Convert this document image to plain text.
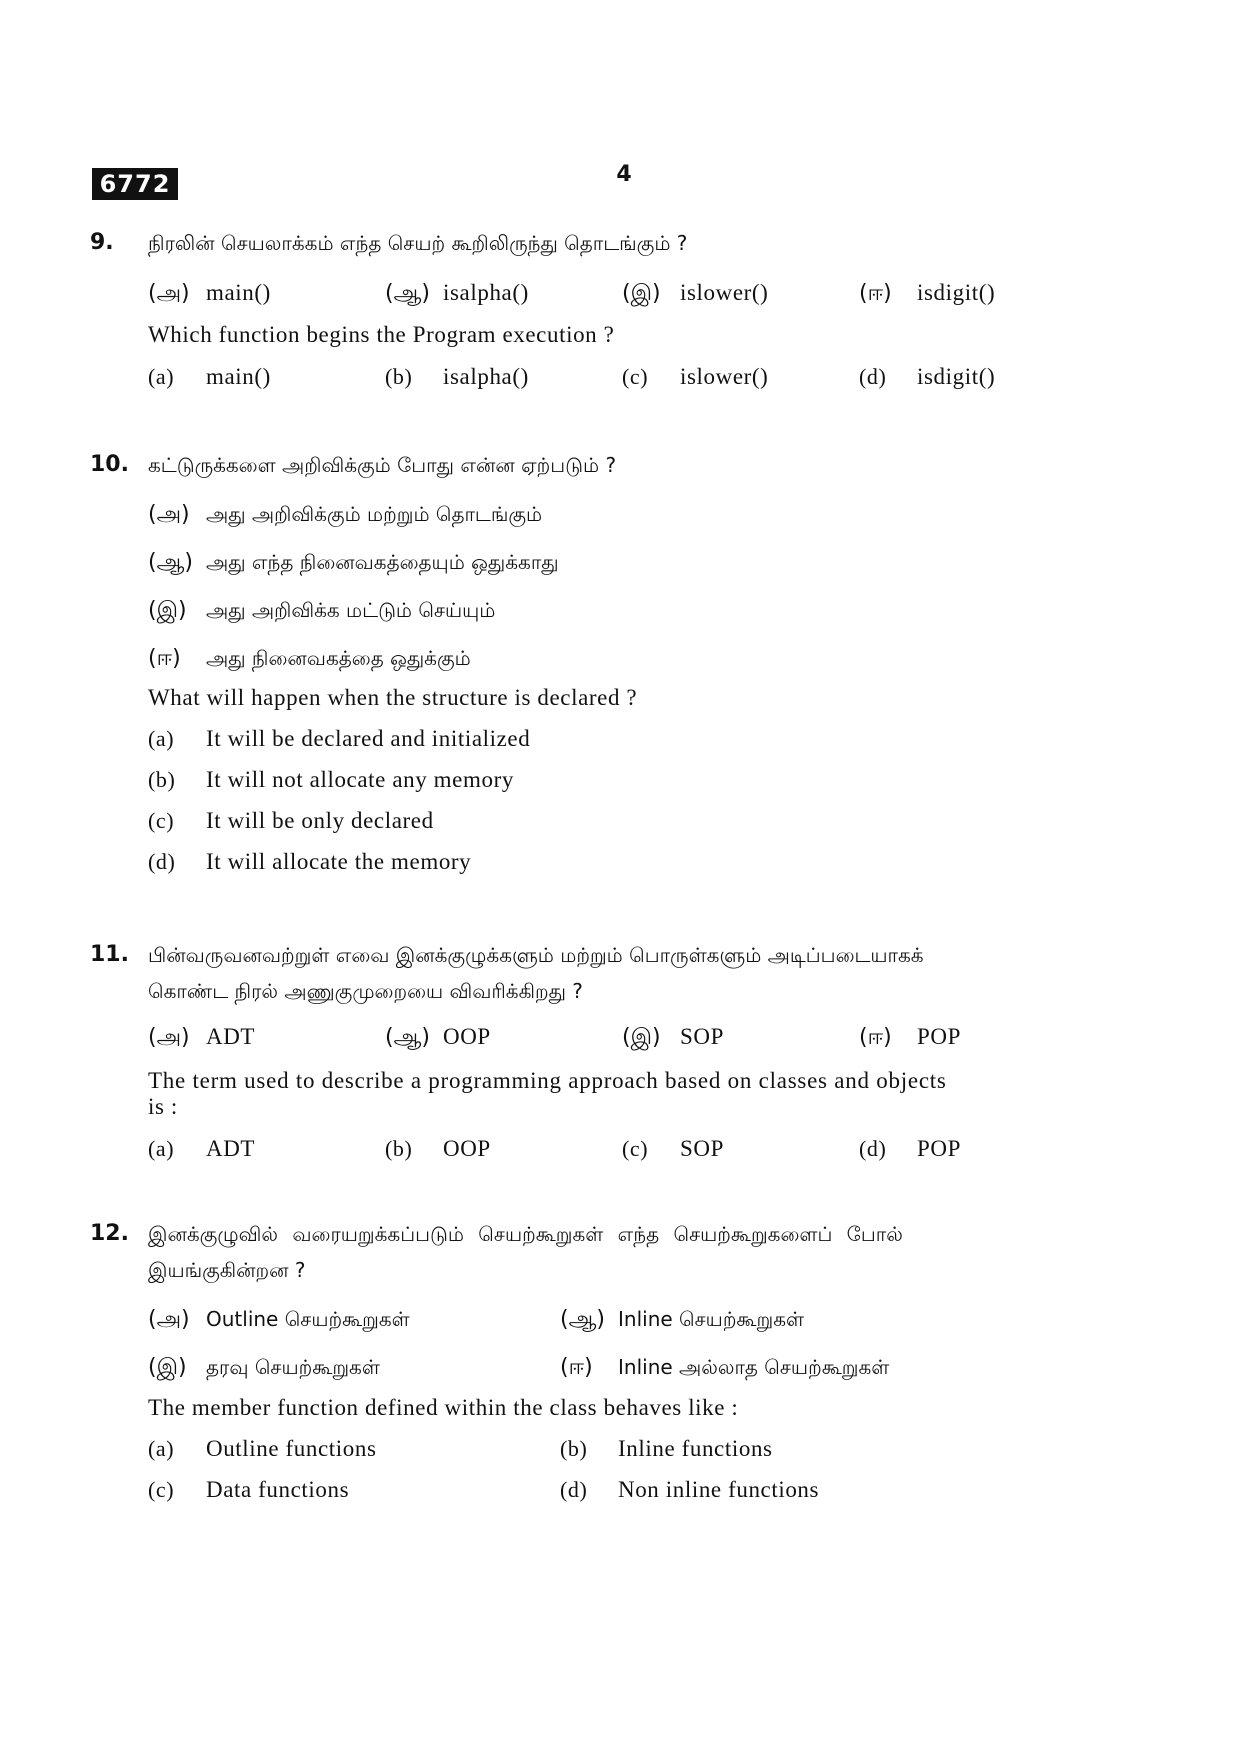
6772	4
9. நிரலின் செயலாக்கம் எந்த செயற் கூறிலிருந்து தொடங்கும் ?
(அ) main()	(ஆ) isalpha()	(இ) islower()	(ஈ) isdigit()
Which function begins the Program execution ?
(a) main()	(b) isalpha()	(c) islower()	(d) isdigit()
10. கட்டுருக்களை அறிவிக்கும் போது என்ன ஏற்படும் ?
(அ) அது அறிவிக்கும் மற்றும் தொடங்கும்
(ஆ) அது எந்த நினைவகத்தையும் ஒதுக்காது
(இ) அது அறிவிக்க மட்டும் செய்யும்
(ஈ) அது நினைவகத்தை ஒதுக்கும்
What will happen when the structure is declared ?
(a) It will be declared and initialized
(b) It will not allocate any memory
(c) It will be only declared
(d) It will allocate the memory
11. பின்வருவனவற்றுள் எவை இனக்குழுக்களும் மற்றும் பொருள்களும் அடிப்படையாகக்
கொண்ட நிரல் அணுகுமுறையை விவரிக்கிறது ?
(அ) ADT	(ஆ) OOP	(இ) SOP	(ஈ) POP
The term used to describe a programming approach based on classes and objects
is :
(a) ADT	(b) OOP	(c) SOP	(d) POP
12. இனக்குழுவில் வரையறுக்கப்படும் செயற்கூறுகள் எந்த செயற்கூறுகளைப் போல்
இயங்குகின்றன ?
(அ) Outline செயற்கூறுகள்	(ஆ) Inline செயற்கூறுகள்
(இ) தரவு செயற்கூறுகள்	(ஈ) Inline அல்லாத செயற்கூறுகள்
The member function defined within the class behaves like :
(a) Outline functions	(b) Inline functions
(c) Data functions	(d) Non inline functions
